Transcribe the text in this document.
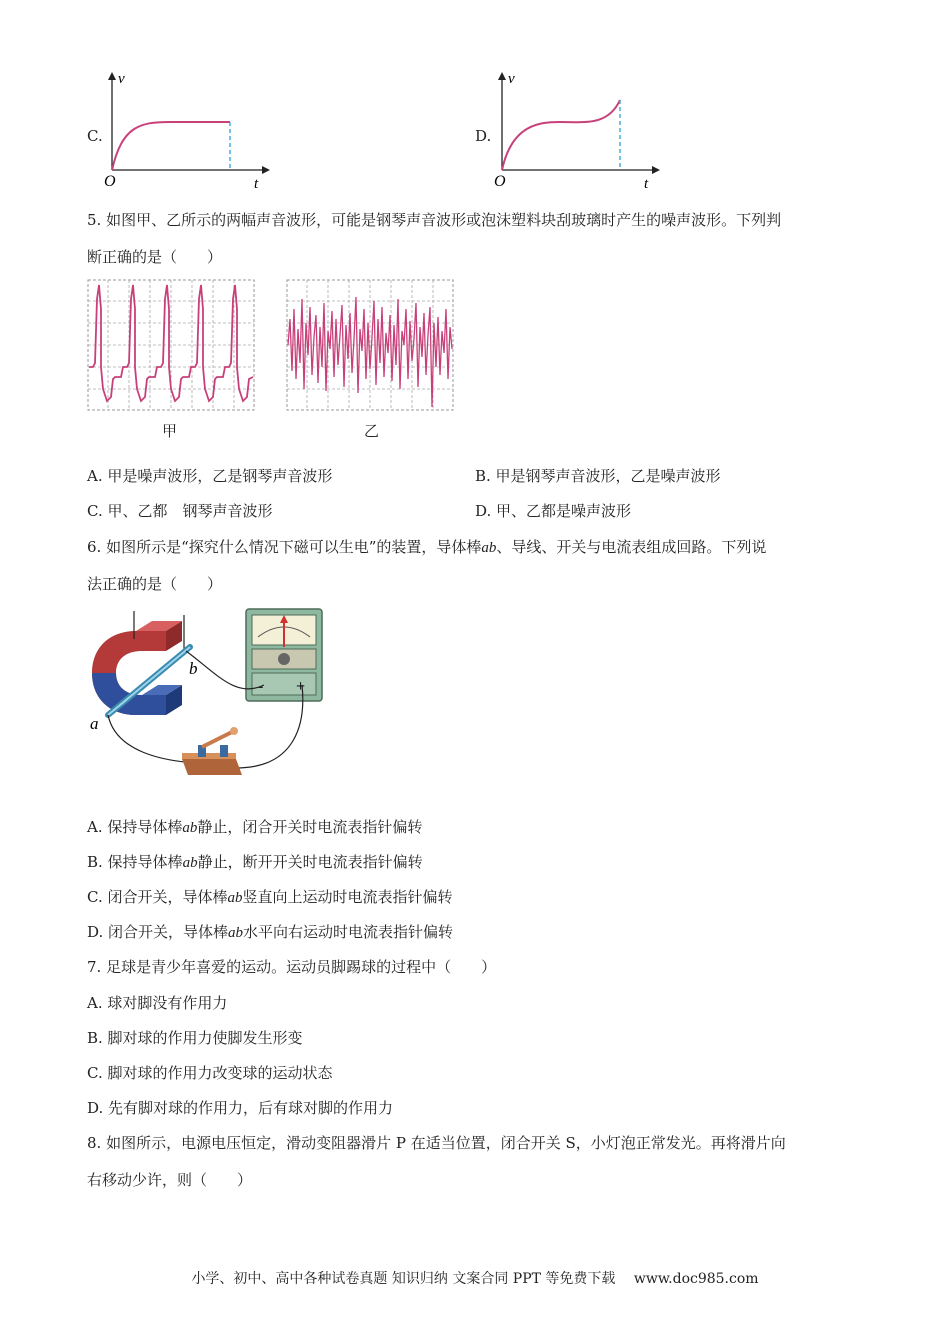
C.
v
O	t
D.
v
O	t
5. 如图甲、乙所示的两幅声音波形，可能是钢琴声音波形或泡沫塑料块刮玻璃时产生的噪声波形。下列判
断正确的是（　　）
甲	乙
A. 甲是噪声波形，乙是钢琴声音波形	B. 甲是钢琴声音波形，乙是噪声波形
C. 甲、乙都　钢琴声音波形	D. 甲、乙都是噪声波形
6. 如图所示是“探究什么情况下磁可以生电”的装置，导体棒ab、导线、开关与电流表组成回路。下列说
法正确的是（　　）
b
a
- +
A. 保持导体棒ab静止，闭合开关时电流表指针偏转
B. 保持导体棒ab静止，断开开关时电流表指针偏转
C. 闭合开关，导体棒ab竖直向上运动时电流表指针偏转
D. 闭合开关，导体棒ab水平向右运动时电流表指针偏转
7. 足球是青少年喜爱的运动。运动员脚踢球的过程中（　　）
A. 球对脚没有作用力
B. 脚对球的作用力使脚发生形变
C. 脚对球的作用力改变球的运动状态
D. 先有脚对球的作用力，后有球对脚的作用力
8. 如图所示，电源电压恒定，滑动变阻器滑片 P 在适当位置，闭合开关 S，小灯泡正常发光。再将滑片向
右移动少许，则（　　）
小学、初中、高中各种试卷真题 知识归纳 文案合同 PPT 等免费下载　 www.doc985.com
